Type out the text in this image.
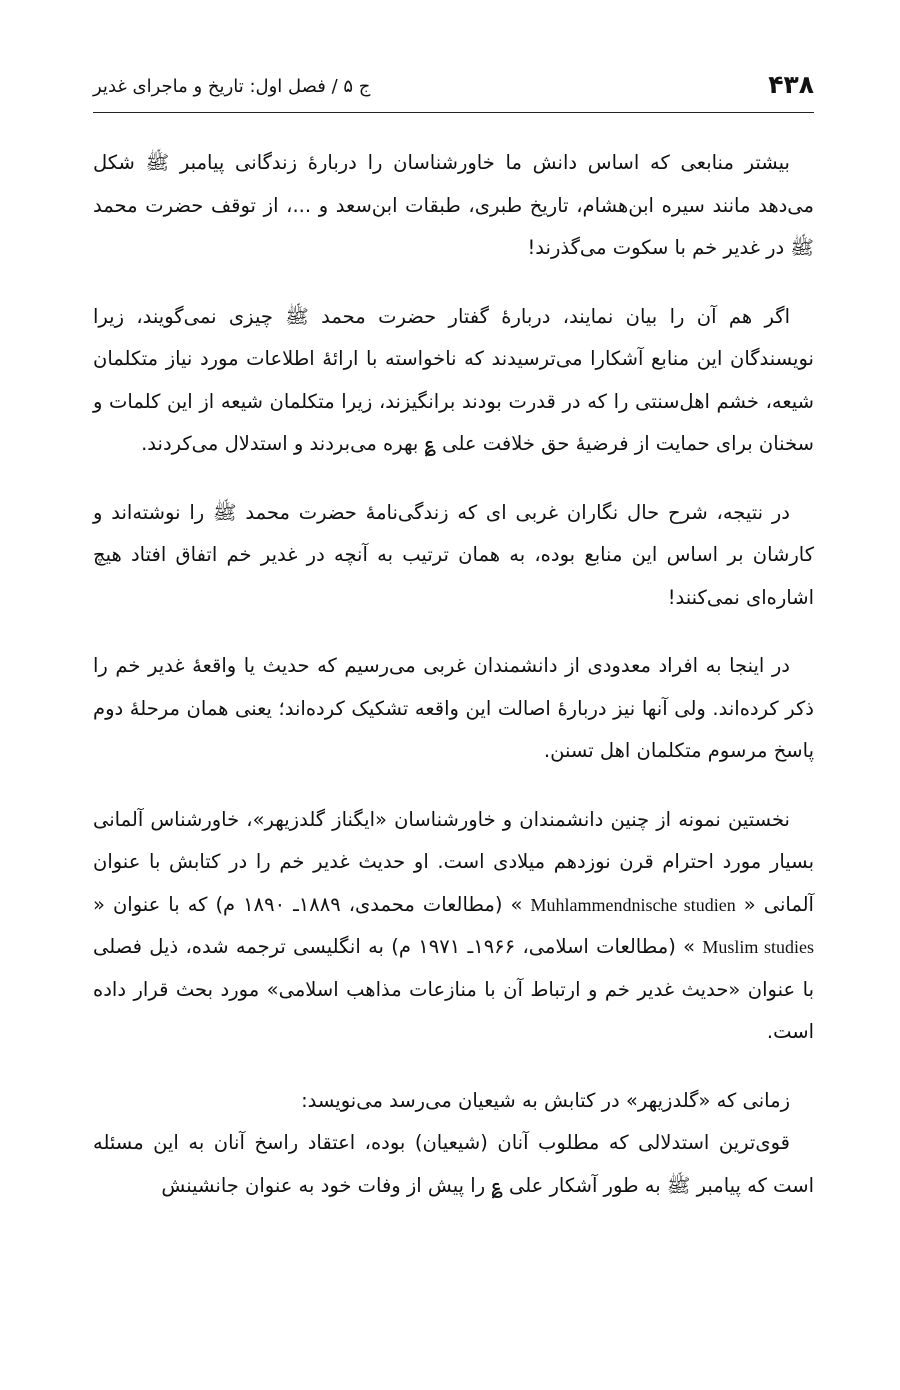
۴۳۸
ج ۵ / فصل اول: تاریخ و ماجرای غدیر

بیشتر منابعی که اساس دانش ما خاورشناسان را دربارهٔ زندگانی پیامبر ﷺ شکل می‌دهد مانند سیره ابن‌هشام، تاریخ طبری، طبقات ابن‌سعد و ...، از توقف حضرت محمد ﷺ در غدیر خم با سکوت می‌گذرند!

اگر هم آن را بیان نمایند، دربارهٔ گفتار حضرت محمد ﷺ چیزی نمی‌گویند، زیرا نویسندگان این منابع آشکارا می‌ترسیدند که ناخواسته با ارائهٔ اطلاعات مورد نیاز متکلمان شیعه، خشم اهل‌سنتی را که در قدرت بودند برانگیزند، زیرا متکلمان شیعه از این کلمات و سخنان برای حمایت از فرضیهٔ حق خلافت علی ؏ بهره می‌بردند و استدلال می‌کردند.

در نتیجه، شرح حال نگاران غربی ای که زندگی‌نامهٔ حضرت محمد ﷺ را نوشته‌اند و کارشان بر اساس این منابع بوده، به همان ترتیب به آنچه در غدیر خم اتفاق افتاد هیچ اشاره‌ای نمی‌کنند!

در اینجا به افراد معدودی از دانشمندان غربی می‌رسیم که حدیث یا واقعهٔ غدیر خم را ذکر کرده‌اند. ولی آنها نیز دربارهٔ اصالت این واقعه تشکیک کرده‌اند؛ یعنی همان مرحلهٔ دوم پاسخ مرسوم متکلمان اهل تسنن.

نخستین نمونه از چنین دانشمندان و خاورشناسان «ایگناز گلدزیهر»، خاورشناس آلمانی بسیار مورد احترام قرن نوزدهم میلادی است. او حدیث غدیر خم را در کتابش با عنوان آلمانی « Muhlammendnische studien » (مطالعات محمدی، ۱۸۸۹ـ ۱۸۹۰ م) که با عنوان « Muslim studies » (مطالعات اسلامی، ۱۹۶۶ـ ۱۹۷۱ م) به انگلیسی ترجمه شده، ذیل فصلی با عنوان «حدیث غدیر خم و ارتباط آن با منازعات مذاهب اسلامی» مورد بحث قرار داده است.

زمانی که «گلدزیهر» در کتابش به شیعیان می‌رسد می‌نویسد:

قوی‌ترین استدلالی که مطلوب آنان (شیعیان) بوده، اعتقاد راسخ آنان به این مسئله است که پیامبر ﷺ به طور آشکار علی ؏ را پیش از وفات خود به عنوان جانشینش
